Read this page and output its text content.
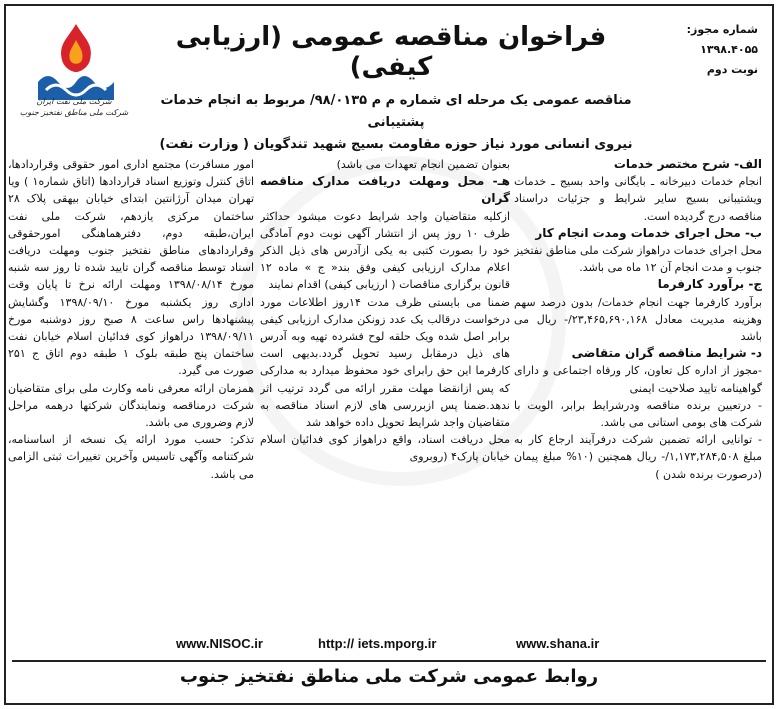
شرکت ملی نفت ایران
شرکت ملی مناطق نفتخیز جنوب
شماره مجوز: ۱۳۹۸.۴۰۵۵
نوبت دوم
فراخوان مناقصه عمومی (ارزیابی کیفی)
مناقصه عمومی یک مرحله ای شماره م م ۹۸/۰۱۳۵/ مربوط به انجام خدمات پشتیبانی
نیروی انسانی مورد نیاز حوزه مقاومت بسیج شهید تندگویان ( وزارت نفت)

الف- شرح مختصر خدمات

انجام خدمات دبیرخانه ـ بایگانی واحد بسیج ـ خدمات ویشتیبانی بسیج سایر شرایط و جزئیات دراسناد مناقصه درج گردیده است.

ب- محل اجرای خدمات ومدت انجام کار

محل اجرای خدمات دراهواز شرکت ملی مناطق نفتخیز جنوب و مدت انجام آن ۱۲ ماه می باشد.

ج- برآورد کارفرما

برآورد کارفرما جهت انجام خدمات/ بدون درصد سهم وهزینه مدیریت معادل ۲۳,۴۶۵,۶۹۰,۱۶۸/- ریال می باشد

د- شرایط مناقصه گران متقاضی

-مجوز از اداره کل تعاون، کار ورفاه اجتماعی و دارای گواهینامه تایید صلاحیت ایمنی

- درتعیین برنده مناقصه ودرشرایط برابر، الویت با شرکت های بومی استانی می باشد.

- توانایی ارائه تضمین شرکت درفرآیند ارجاع کار به مبلغ ۱,۱۷۳,۲۸۴,۵۰۸/- ریال همچنین (۱۰% مبلغ پیمان (درصورت برنده شدن )

بعنوان تضمین انجام تعهدات می باشد)

هـ- محل ومهلت دریافت مدارک مناقصه گران

ازکلیه متقاضیان واجد شرایط دعوت میشود حداکثر ظرف ۱۰ روز پس از انتشار آگهی نوبت دوم آمادگی خود را بصورت کتبی به یکی ازآدرس های ذیل الذکر اعلام مدارک ارزیابی کیفی وفق بند« ج » ماده ۱۲ قانون برگزاری مناقصات ( ارزیابی کیفی) اقدام نمایند

ضمنا می بایستی ظرف مدت ۱۴روز اطلاعات مورد درخواست درقالب یک عدد زونکن مدارک ارزیابی کیفی برابر اصل شده ویک حلقه لوح فشرده تهیه وبه آدرس های ذیل درمقابل رسید تحویل گردد.بدیهی است کارفرما این حق رابرای خود محفوظ میدارد به مدارکی که پس ازانقضا مهلت مقرر ارائه می گردد ترتیب اثر ندهد.ضمنا پس ازبررسی های لازم اسناد مناقصه به متقاضیان واجد شرایط تحویل داده خواهد شد

محل دریافت اسناد، واقع دراهواز کوی فدائیان اسلام خیابان پارک۴ (روبروی

امور مسافرت) مجتمع اداری امور حقوقی وقراردادها، اتاق کنترل وتوزیع اسناد قراردادها (اتاق شماره۱ ) ویا تهران میدان آرژانتین ابتدای خیابان بیهقی پلاک ۲۸ ساختمان مرکزی یازدهم، شرکت ملی نفت ایران،طبقه دوم، دفترهماهنگی امورحقوقی وقراردادهای مناطق نفتخیز جنوب ومهلت دریافت اسناد توسط مناقصه گران تایید شده تا روز سه شنبه مورخ ۱۳۹۸/۰۸/۱۴ ومهلت ارائه نرخ تا پایان وقت اداری روز یکشنبه مورخ ۱۳۹۸/۰۹/۱۰ وگشایش پیشنهادها راس ساعت ۸ صبح روز دوشنبه مورخ ۱۳۹۸/۰۹/۱۱ دراهواز کوی فدائیان اسلام خیابان نفت ساختمان پنج طبقه بلوک ۱ طبقه دوم اتاق ج ۲۵۱ صورت می گیرد.

همزمان ارائه معرفی نامه وکارت ملی برای متقاضیان شرکت درمناقصه ونمایندگان شرکتها درهمه مراحل لازم وضروری می باشد.

تذکر: حسب مورد ارائه یک نسخه از اساسنامه، شرکتنامه وآگهی تاسیس وآخرین تغییرات ثبتی الزامی می باشد.

www.NISOC.ir	http:// iets.mporg.ir	www.shana.ir
روابط عمومی شرکت ملی مناطق نفتخیز جنوب
